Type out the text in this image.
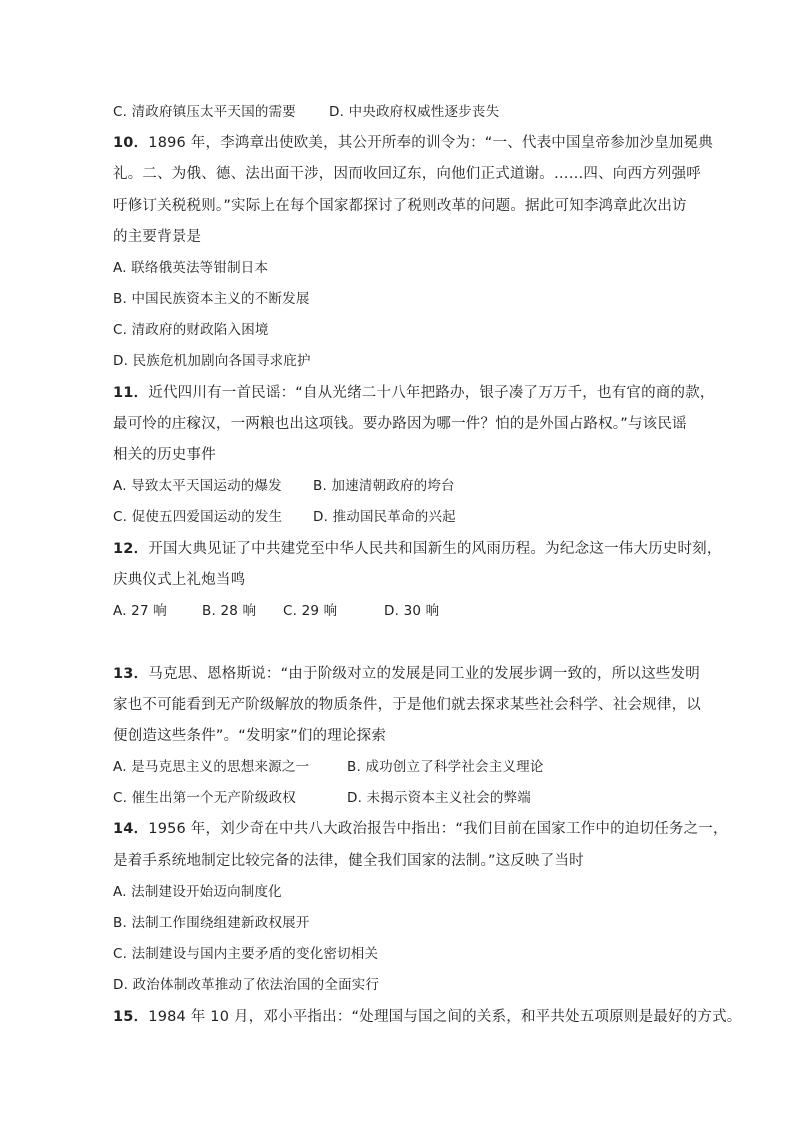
C. 清政府镇压太平天国的需要 D. 中央政府权威性逐步丧失
10．1896 年，李鸿章出使欧美，其公开所奉的训令为：“一、代表中国皇帝参加沙皇加冕典
礼。二、为俄、德、法出面干涉，因而收回辽东，向他们正式道谢。……四、向西方列强呼
吁修订关税税则。”实际上在每个国家都探讨了税则改革的问题。据此可知李鸿章此次出访
的主要背景是
A. 联络俄英法等钳制日本
B. 中国民族资本主义的不断发展
C. 清政府的财政陷入困境
D. 民族危机加剧向各国寻求庇护
11．近代四川有一首民谣：“自从光绪二十八年把路办，银子凑了万万千，也有官的商的款，
最可怜的庄稼汉，一两粮也出这项钱。要办路因为哪一件？怕的是外国占路权。”与该民谣
相关的历史事件
A. 导致太平天国运动的爆发 B. 加速清朝政府的垮台
C. 促使五四爱国运动的发生 D. 推动国民革命的兴起
12．开国大典见证了中共建党至中华人民共和国新生的风雨历程。为纪念这一伟大历史时刻，
庆典仪式上礼炮当鸣
A. 27 响	B. 28 响 C. 29 响	D. 30 响
13．马克思、恩格斯说：“由于阶级对立的发展是同工业的发展步调一致的，所以这些发明
家也不可能看到无产阶级解放的物质条件，于是他们就去探求某些社会科学、社会规律，以
便创造这些条件”。“发明家”们的理论探索
A. 是马克思主义的思想来源之一	B. 成功创立了科学社会主义理论
C. 催生出第一个无产阶级政权	D. 未揭示资本主义社会的弊端
14．1956 年，刘少奇在中共八大政治报告中指出：“我们目前在国家工作中的迫切任务之一，
是着手系统地制定比较完备的法律，健全我们国家的法制。”这反映了当时
A. 法制建设开始迈向制度化
B. 法制工作围绕组建新政权展开
C. 法制建设与国内主要矛盾的变化密切相关
D. 政治体制改革推动了依法治国的全面实行
15．1984 年 10 月，邓小平指出：“处理国与国之间的关系，和平共处五项原则是最好的方式。
